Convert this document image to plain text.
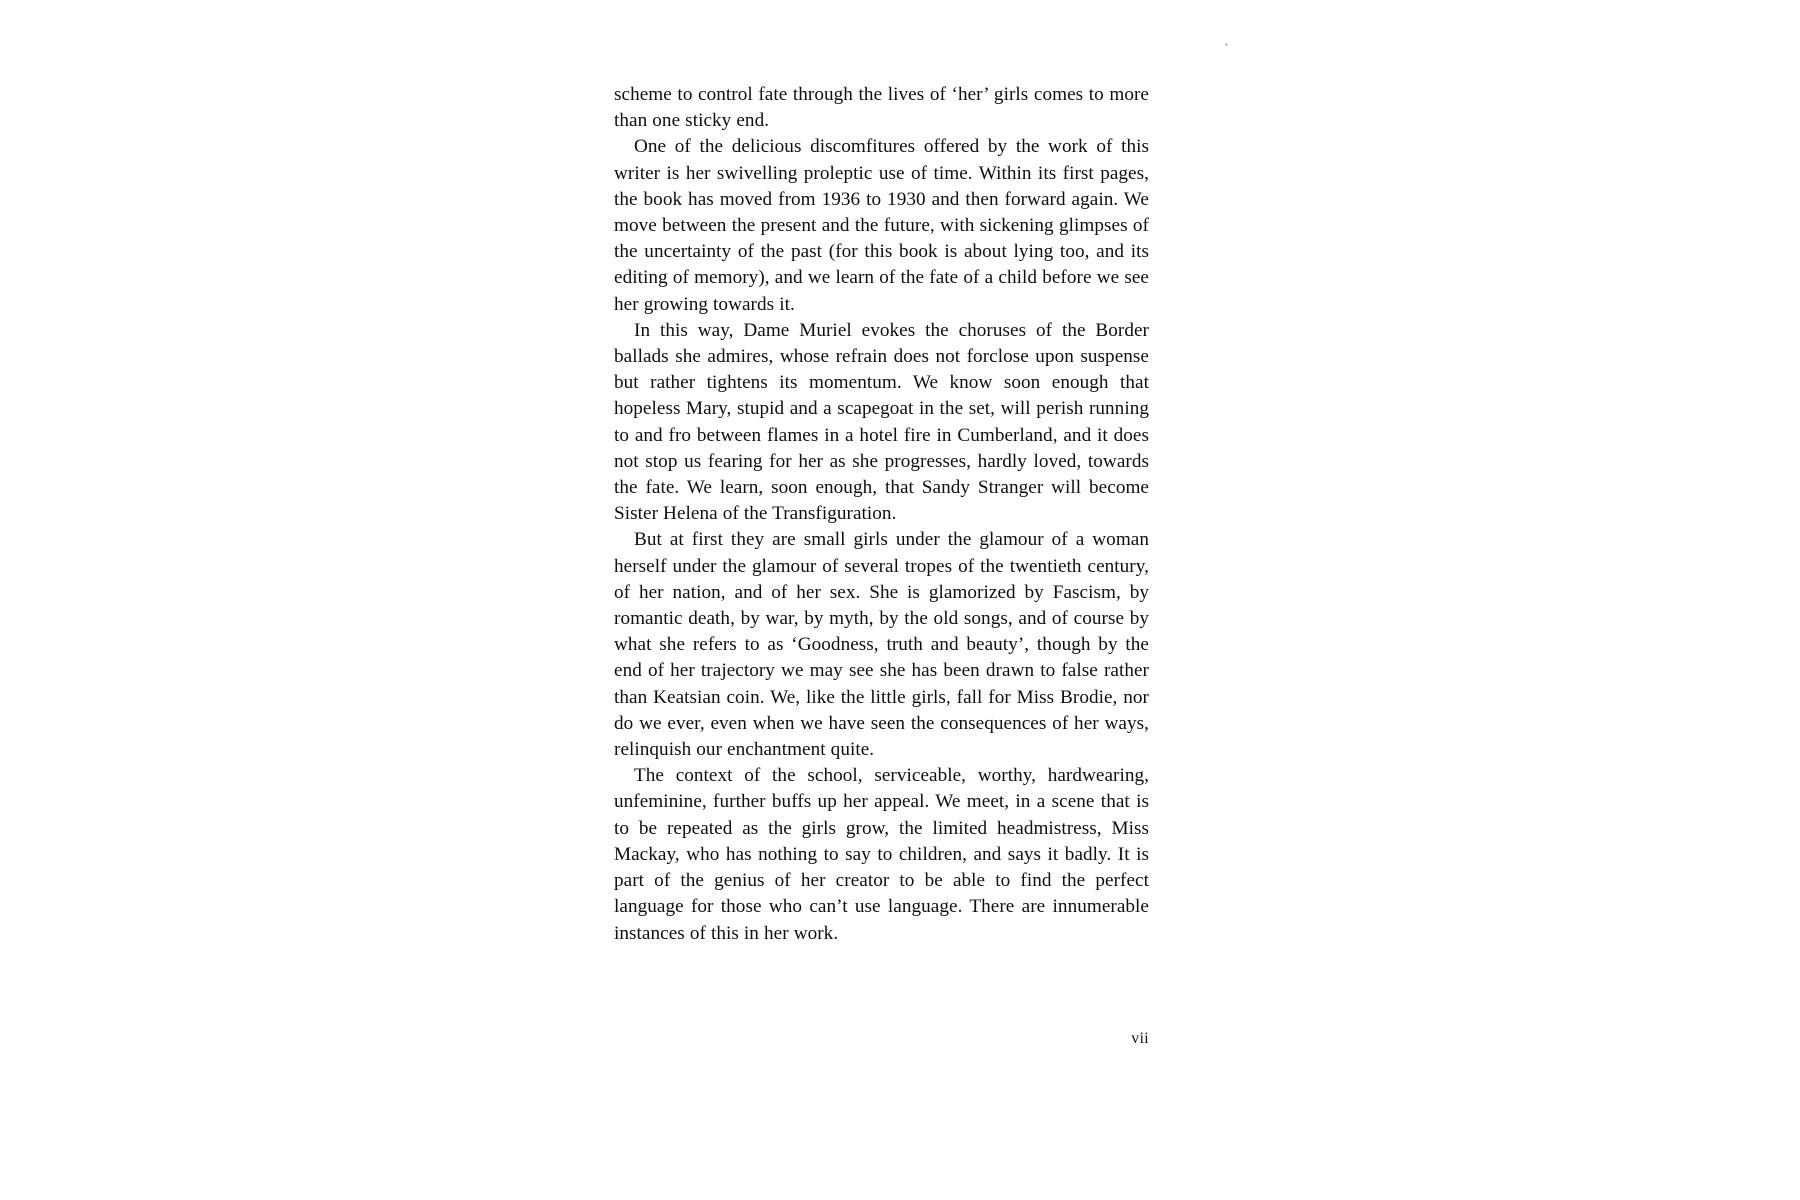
scheme to control fate through the lives of ‘her’ girls comes to more than one sticky end.

One of the delicious discomfitures offered by the work of this writer is her swivelling proleptic use of time. Within its first pages, the book has moved from 1936 to 1930 and then forward again. We move between the present and the future, with sickening glimpses of the uncertainty of the past (for this book is about lying too, and its editing of memory), and we learn of the fate of a child before we see her growing towards it.

In this way, Dame Muriel evokes the choruses of the Border ballads she admires, whose refrain does not forclose upon suspense but rather tightens its momentum. We know soon enough that hopeless Mary, stupid and a scapegoat in the set, will perish running to and fro between flames in a hotel fire in Cumberland, and it does not stop us fearing for her as she progresses, hardly loved, towards the fate. We learn, soon enough, that Sandy Stranger will become Sister Helena of the Transfiguration.

But at first they are small girls under the glamour of a woman herself under the glamour of several tropes of the twentieth century, of her nation, and of her sex. She is glamorized by Fascism, by romantic death, by war, by myth, by the old songs, and of course by what she refers to as ‘Goodness, truth and beauty’, though by the end of her trajectory we may see she has been drawn to false rather than Keatsian coin. We, like the little girls, fall for Miss Brodie, nor do we ever, even when we have seen the consequences of her ways, relinquish our enchantment quite.

The context of the school, serviceable, worthy, hardwearing, unfeminine, further buffs up her appeal. We meet, in a scene that is to be repeated as the girls grow, the limited headmistress, Miss Mackay, who has nothing to say to children, and says it badly. It is part of the genius of her creator to be able to find the perfect language for those who can’t use language. There are innumerable instances of this in her work.

vii
